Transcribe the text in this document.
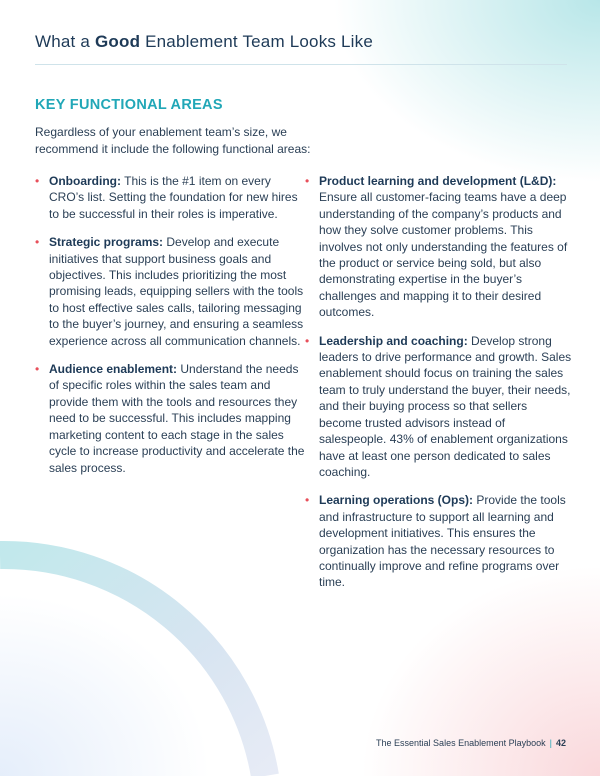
What a Good Enablement Team Looks Like
KEY FUNCTIONAL AREAS

Regardless of your enablement team’s size, we recommend it include the following functional areas:

• Onboarding: This is the #1 item on every CRO’s list. Setting the foundation for new hires to be successful in their roles is imperative.
• Strategic programs: Develop and execute initiatives that support business goals and objectives. This includes prioritizing the most promising leads, equipping sellers with the tools to host effective sales calls, tailoring messaging to the buyer’s journey, and ensuring a seamless experience across all communication channels.
• Audience enablement: Understand the needs of specific roles within the sales team and provide them with the tools and resources they need to be successful. This includes mapping marketing content to each stage in the sales cycle to increase productivity and accelerate the sales process.
• Product learning and development (L&D): Ensure all customer-facing teams have a deep understanding of the company’s products and how they solve customer problems. This involves not only understanding the features of the product or service being sold, but also demonstrating expertise in the buyer’s challenges and mapping it to their desired outcomes.
• Leadership and coaching: Develop strong leaders to drive performance and growth. Sales enablement should focus on training the sales team to truly understand the buyer, their needs, and their buying process so that sellers become trusted advisors instead of salespeople. 43% of enablement organizations have at least one person dedicated to sales coaching.
• Learning operations (Ops): Provide the tools and infrastructure to support all learning and development initiatives. This ensures the organization has the necessary resources to continually improve and refine programs over time.
The Essential Sales Enablement Playbook | 42
